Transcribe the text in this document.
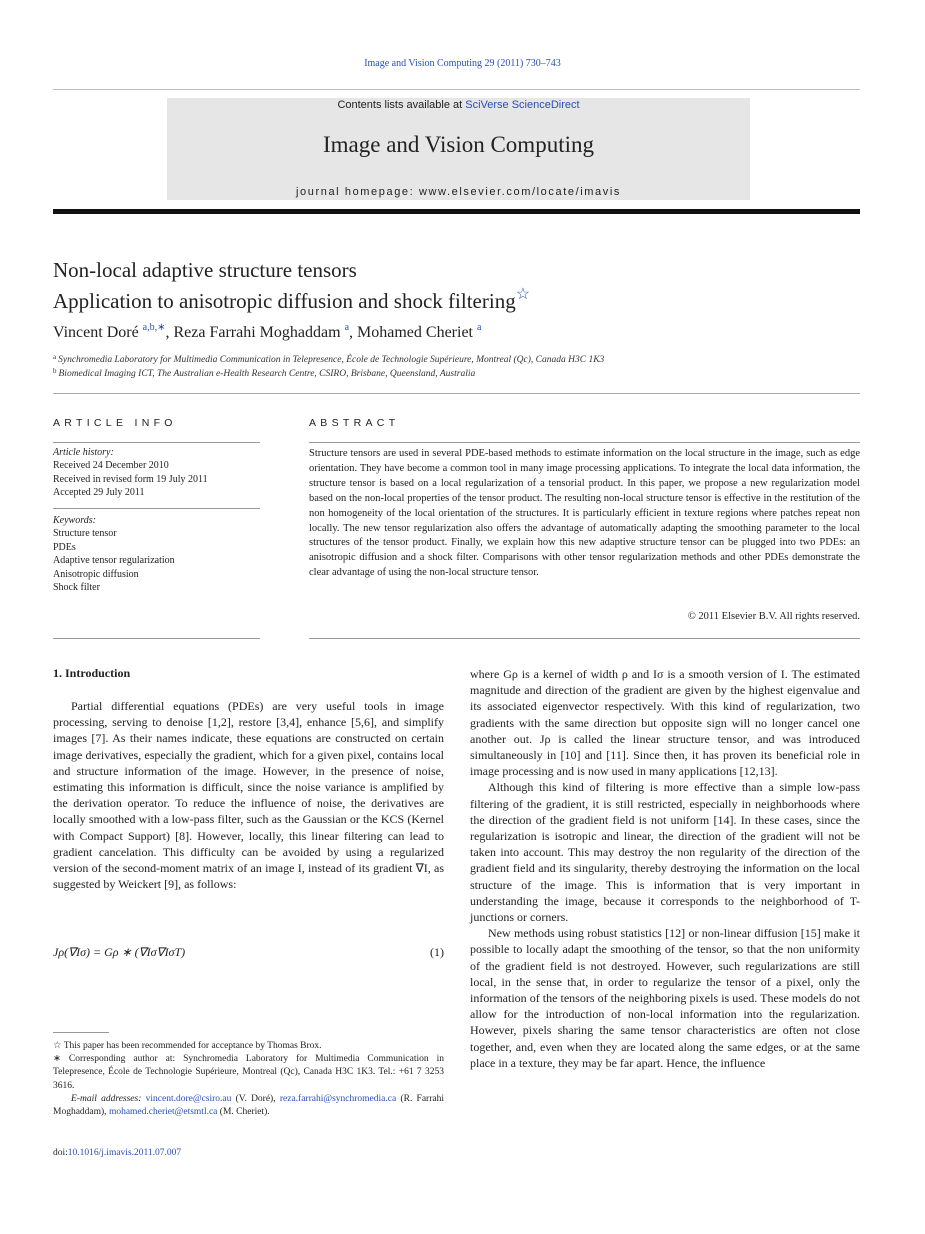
Image and Vision Computing 29 (2011) 730–743
Contents lists available at SciVerse ScienceDirect
Image and Vision Computing
journal homepage: www.elsevier.com/locate/imavis
Non-local adaptive structure tensors
Application to anisotropic diffusion and shock filtering☆
Vincent Doré $^{a,b,∗}$, Reza Farrahi Moghaddam $^a$, Mohamed Cheriet $^a$
$^a$ Synchromedia Laboratory for Multimedia Communication in Telepresence, École de Technologie Supérieure, Montreal (Qc), Canada H3C 1K3
$^b$ Biomedical Imaging ICT, The Australian e-Health Research Centre, CSIRO, Brisbane, Queensland, Australia
ARTICLE INFO	ABSTRACT
Article history:
Received 24 December 2010
Received in revised form 19 July 2011
Accepted 29 July 2011
Keywords:
Structure tensor
PDEs
Adaptive tensor regularization
Anisotropic diffusion
Shock filter
Structure tensors are used in several PDE-based methods to estimate information on the local structure in the image, such as edge orientation. They have become a common tool in many image processing applications. To integrate the local data information, the structure tensor is based on a local regularization of a tensorial product. In this paper, we propose a new regularization model based on the non-local properties of the tensor product. The resulting non-local structure tensor is effective in the restitution of the non homogeneity of the local orientation of the structures. It is particularly efficient in texture regions where patches repeat non locally. The new tensor regularization also offers the advantage of automatically adapting the smoothing parameter to the local structures of the tensor product. Finally, we explain how this new adaptive structure tensor can be plugged into two PDEs: an anisotropic diffusion and a shock filter. Comparisons with other tensor regularization methods and other PDEs demonstrate the clear advantage of using the non-local structure tensor.
© 2011 Elsevier B.V. All rights reserved.
1. Introduction
Partial differential equations (PDEs) are very useful tools in image processing, serving to denoise [1,2], restore [3,4], enhance [5,6], and simplify images [7]. As their names indicate, these equations are constructed on certain image derivatives, especially the gradient, which for a given pixel, contains local and structure information of the image. However, in the presence of noise, estimating this information is difficult, since the noise variance is amplified by the derivation operator. To reduce the influence of noise, the derivatives are locally smoothed with a low-pass filter, such as the Gaussian or the KCS (Kernel with Compact Support) [8]. However, locally, this linear filtering can lead to gradient cancelation. This difficulty can be avoided by using a regularized version of the second-moment matrix of an image I, instead of its gradient ∇I, as suggested by Weickert [9], as follows:
Jρ(∇Iσ) = Gρ ∗ (∇Iσ∇IσT)	(1)

where Gρ is a kernel of width ρ and Iσ is a smooth version of I. The estimated magnitude and direction of the gradient are given by the highest eigenvalue and its associated eigenvector respectively. With this kind of regularization, two gradients with the same direction but opposite sign will no longer cancel one another out. Jρ is called the linear structure tensor, and was introduced simultaneously in [10] and [11]. Since then, it has proven its beneficial role in image processing and is now used in many applications [12,13].

Although this kind of filtering is more effective than a simple low-pass filtering of the gradient, it is still restricted, especially in neighborhoods where the direction of the gradient field is not uniform [14]. In these cases, since the regularization is isotropic and linear, the direction of the gradient will not be taken into account. This may destroy the non regularity of the direction of the gradient field and its singularity, thereby destroying the information on the local structure of the image. This is information that is very important in understanding the image, because it corresponds to the neighborhood of T-junctions or corners.

New methods using robust statistics [12] or non-linear diffusion [15] make it possible to locally adapt the smoothing of the tensor, so that the non uniformity of the gradient field is not destroyed. However, such regularizations are still local, in the sense that, in order to regularize the tensor of a pixel, only the information of the tensors of the neighboring pixels is used. These models do not allow for the introduction of non-local information into the regularization. However, pixels sharing the same tensor characteristics are often not close together, and, even when they are located along the same edges, or at the same place in a texture, they may be far apart. Hence, the influence

☆ This paper has been recommended for acceptance by Thomas Brox.

∗ Corresponding author at: Synchromedia Laboratory for Multimedia Communication in Telepresence, École de Technologie Supérieure, Montreal (Qc), Canada H3C 1K3. Tel.: +61 7 3253 3616.

E-mail addresses: vincent.dore@csiro.au (V. Doré), reza.farrahi@synchromedia.ca (R. Farrahi Moghaddam), mohamed.cheriet@etsmtl.ca (M. Cheriet).

doi:10.1016/j.imavis.2011.07.007
